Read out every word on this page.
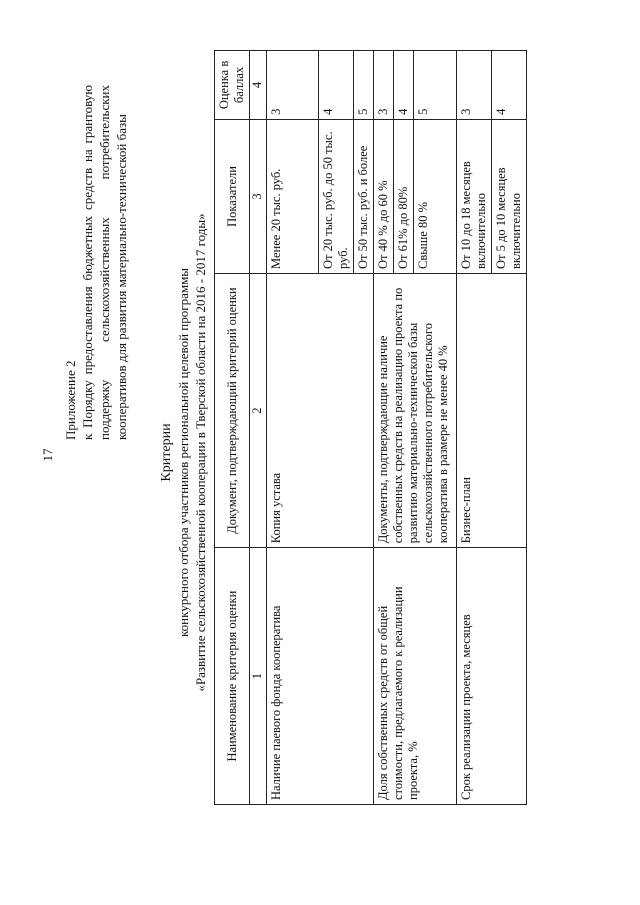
17
Приложение 2 к Порядку предоставления бюджетных средств на грантовую поддержку сельскохозяйственных потребительских кооперативов для развития материально-технической базы
Критерии конкурсного отбора участников региональной целевой программы «Развитие сельскохозяйственной кооперации в Тверской области на 2016 - 2017 годы» Наименование критерия оценки	Документ, подтверждающий критерий оценки	Показатели	Оценка в баллах
1	2	3	4
Наличие паевого фонда кооператива	Копия устава	Менее 20 тыс. руб.	3
		От 20 тыс. руб. до 50 тыс. руб.	4
		От 50 тыс. руб. и более	5
Доля собственных средств от общей стоимости, предлагаемого к реализации проекта, %	Документы, подтверждающие наличие собственных средств на реализацию проекта по развитию материально-технической базы сельскохозяйственного потребительского кооператива в размере не менее 40 %	От 40 % до 60 %	3
		От 61% до 80%	4
		Свыше 80 %	5
Срок реализации проекта, месяцев	Бизнес-план	От 10 до 18 месяцев включительно	3
		От 5 до 10 месяцев включительно	4
